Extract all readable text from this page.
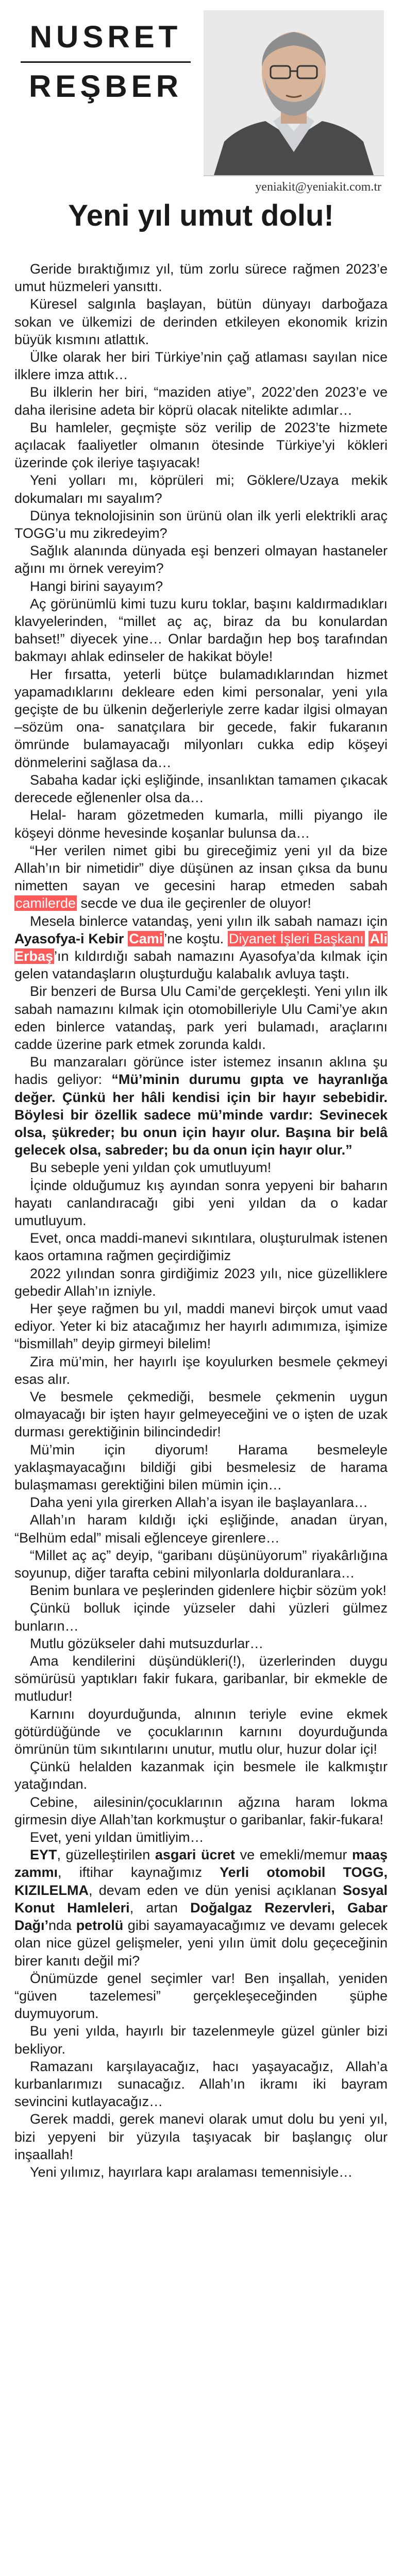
NUSRET
REŞBER
yeniakit@yeniakit.com.tr
Yeni yıl umut dolu!

Geride bıraktığımız yıl, tüm zorlu sürece rağmen 2023’e umut hüzmeleri yansıttı.

Küresel salgınla başlayan, bütün dünyayı darboğaza sokan ve ülkemizi de derinden etkileyen ekonomik krizin büyük kısmını atlattık.

Ülke olarak her biri Türkiye’nin çağ atlaması sayılan nice ilklere imza attık…

Bu ilklerin her biri, “maziden atiye”, 2022’den 2023’e ve daha ilerisine adeta bir köprü olacak nitelikte adımlar…

Bu hamleler, geçmişte söz verilip de 2023’te hizmete açılacak faaliyetler olmanın ötesinde Türkiye’yi kökleri üzerinde çok ileriye taşıyacak!

Yeni yolları mı, köprüleri mi; Göklere/Uzaya mekik dokumaları mı sayalım?

Dünya teknolojisinin son ürünü olan ilk yerli elektrikli araç TOGG’u mu zikredeyim?

Sağlık alanında dünyada eşi benzeri olmayan hastaneler ağını mı örnek vereyim?

Hangi birini sayayım?

Aç görünümlü kimi tuzu kuru toklar, başını kaldırmadıkları klavyelerinden, “millet aç aç, biraz da bu konulardan bahset!” diyecek yine… Onlar bardağın hep boş tarafından bakmayı ahlak edinseler de hakikat böyle!

Her fırsatta, yeterli bütçe bulamadıklarından hizmet yapamadıklarını dekleare eden kimi personalar, yeni yıla geçişte de bu ülkenin değerleriyle zerre kadar ilgisi olmayan –sözüm ona- sanatçılara bir gecede, fakir fukaranın ömründe bulamayacağı milyonları cukka edip köşeyi dönmelerini sağlasa da…

Sabaha kadar içki eşliğinde, insanlıktan tamamen çıkacak derecede eğlenenler olsa da…

Helal- haram gözetmeden kumarla, milli piyango ile köşeyi dönme hevesinde koşanlar bulunsa da…

“Her verilen nimet gibi bu gireceğimiz yeni yıl da bize Allah’ın bir nimetidir” diye düşünen az insan çıksa da bunu nimetten sayan ve gecesini harap etmeden sabah camilerde secde ve dua ile geçirenler de oluyor!

Mesela binlerce vatandaş, yeni yılın ilk sabah namazı için Ayasofya-i Kebir Cami’ne koştu. Diyanet İşleri Başkanı Ali Erbaş’ın kıldırdığı sabah namazını Ayasofya’da kılmak için gelen vatandaşların oluşturduğu kalabalık avluya taştı.

Bir benzeri de Bursa Ulu Cami’de gerçekleşti. Yeni yılın ilk sabah namazını kılmak için otomobilleriyle Ulu Cami’ye akın eden binlerce vatandaş, park yeri bulamadı, araçlarını cadde üzerine park etmek zorunda kaldı.

Bu manzaraları görünce ister istemez insanın aklına şu hadis geliyor: “Mü’minin durumu gıpta ve hayranlığa değer. Çünkü her hâli kendisi için bir hayır sebebidir. Böylesi bir özellik sadece mü’minde vardır: Sevinecek olsa, şükreder; bu onun için hayır olur. Başına bir belâ gelecek olsa, sabreder; bu da onun için hayır olur.”

Bu sebeple yeni yıldan çok umutluyum!

İçinde olduğumuz kış ayından sonra yepyeni bir baharın hayatı canlandıracağı gibi yeni yıldan da o kadar umutluyum.

Evet, onca maddi-manevi sıkıntılara, oluşturulmak istenen kaos ortamına rağmen geçirdiğimiz

2022 yılından sonra girdiğimiz 2023 yılı, nice güzelliklere gebedir Allah’ın izniyle.

Her şeye rağmen bu yıl, maddi manevi birçok umut vaad ediyor. Yeter ki biz atacağımız her hayırlı adımımıza, işimize “bismillah” deyip girmeyi bilelim!

Zira mü’min, her hayırlı işe koyulurken besmele çekmeyi esas alır.

Ve besmele çekmediği, besmele çekmenin uygun olmayacağı bir işten hayır gelmeyeceğini ve o işten de uzak durması gerektiğinin bilincindedir!

Mü’min için diyorum! Harama besmeleyle yaklaşmayacağını bildiği gibi besmelesiz de harama bulaşmaması gerektiğini bilen mümin için…

Daha yeni yıla girerken Allah’a isyan ile başlayanlara…

Allah’ın haram kıldığı içki eşliğinde, anadan üryan, “Belhüm edal” misali eğlenceye girenlere…

“Millet aç aç” deyip, “garibanı düşünüyorum” riyakârlığına soyunup, diğer tarafta cebini milyonlarla dolduranlara…

Benim bunlara ve peşlerinden gidenlere hiçbir sözüm yok!

Çünkü bolluk içinde yüzseler dahi yüzleri gülmez bunların…

Mutlu gözükseler dahi mutsuzdurlar…

Ama kendilerini düşündükleri(!), üzerlerinden duygu sömürüsü yaptıkları fakir fukara, garibanlar, bir ekmekle de mutludur!

Karnını doyurduğunda, alnının teriyle evine ekmek götürdüğünde ve çocuklarının karnını doyurduğunda ömrünün tüm sıkıntılarını unutur, mutlu olur, huzur dolar içi!

Çünkü helalden kazanmak için besmele ile kalkmıştır yatağından.

Cebine, ailesinin/çocuklarının ağzına haram lokma girmesin diye Allah’tan korkmuştur o garibanlar, fakir-fukara!

Evet, yeni yıldan ümitliyim…

EYT, güzelleştirilen asgari ücret ve emekli/memur maaş zammı, iftihar kaynağımız Yerli otomobil TOGG, KIZILELMA, devam eden ve dün yenisi açıklanan Sosyal Konut Hamleleri, artan Doğalgaz Rezervleri, Gabar Dağı’nda petrolü gibi sayamayacağımız ve devamı gelecek olan nice güzel gelişmeler, yeni yılın ümit dolu geçeceğinin birer kanıtı değil mi?

Önümüzde genel seçimler var! Ben inşallah, yeniden “güven tazelemesi” gerçekleşeceğinden şüphe duymuyorum.

Bu yeni yılda, hayırlı bir tazelenmeyle güzel günler bizi bekliyor.

Ramazanı karşılayacağız, hacı yaşayacağız, Allah’a kurbanlarımızı sunacağız. Allah’ın ikramı iki bayram sevincini kutlayacağız…

Gerek maddi, gerek manevi olarak umut dolu bu yeni yıl, bizi yepyeni bir yüzyıla taşıyacak bir başlangıç olur inşaallah!

Yeni yılımız, hayırlara kapı aralaması temennisiyle…
